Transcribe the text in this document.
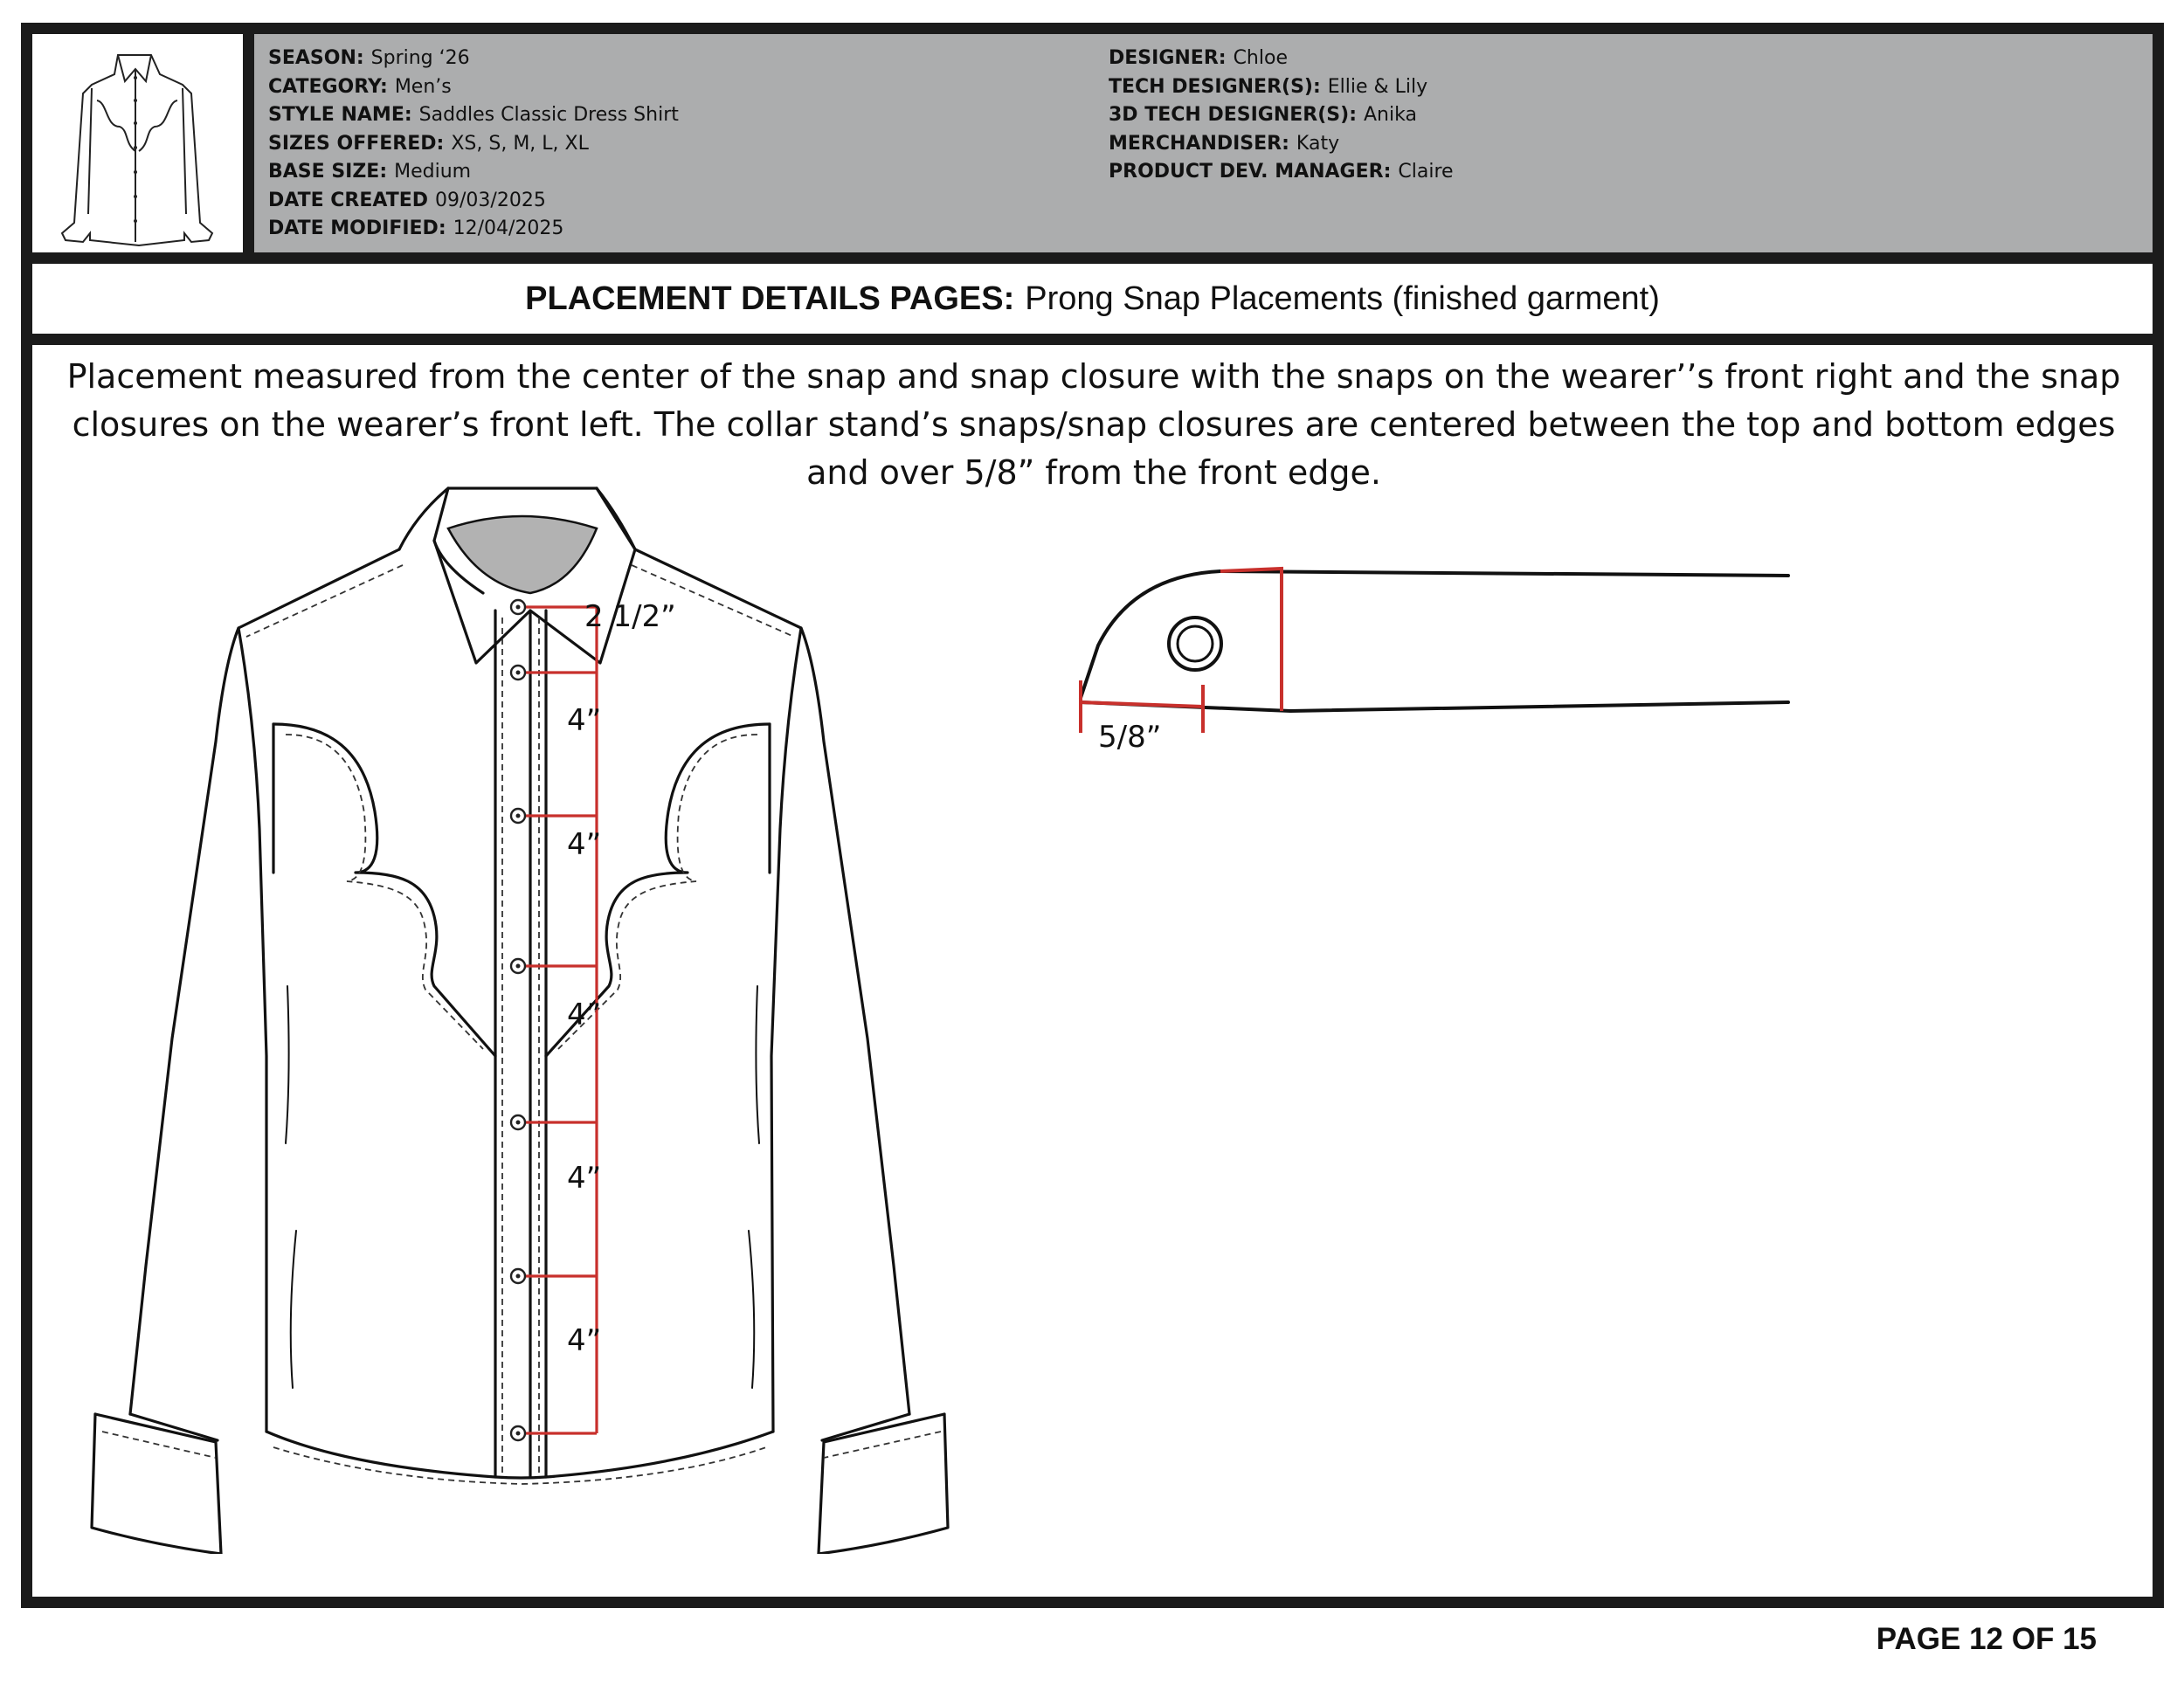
SEASON: Spring ‘26
CATEGORY: Men’s
STYLE NAME: Saddles Classic Dress Shirt
SIZES OFFERED: XS, S, M, L, XL
BASE SIZE: Medium
DATE CREATED 09/03/2025
DATE MODIFIED: 12/04/2025
DESIGNER: Chloe
TECH DESIGNER(S): Ellie & Lily
3D TECH DESIGNER(S): Anika
MERCHANDISER: Katy
PRODUCT DEV. MANAGER: Claire
PLACEMENT DETAILS PAGES: Prong Snap Placements (finished garment)
Placement measured from the center of the snap and snap closure with the snaps on the wearer’’s front right and the snap closures on the wearer’s front left. The collar stand’s snaps/snap closures are centered between the top and bottom edges and over 5/8” from the front edge.
2 1/2”
4”
4”
4”
4”
4”
5/8”
PAGE 12 OF 15
